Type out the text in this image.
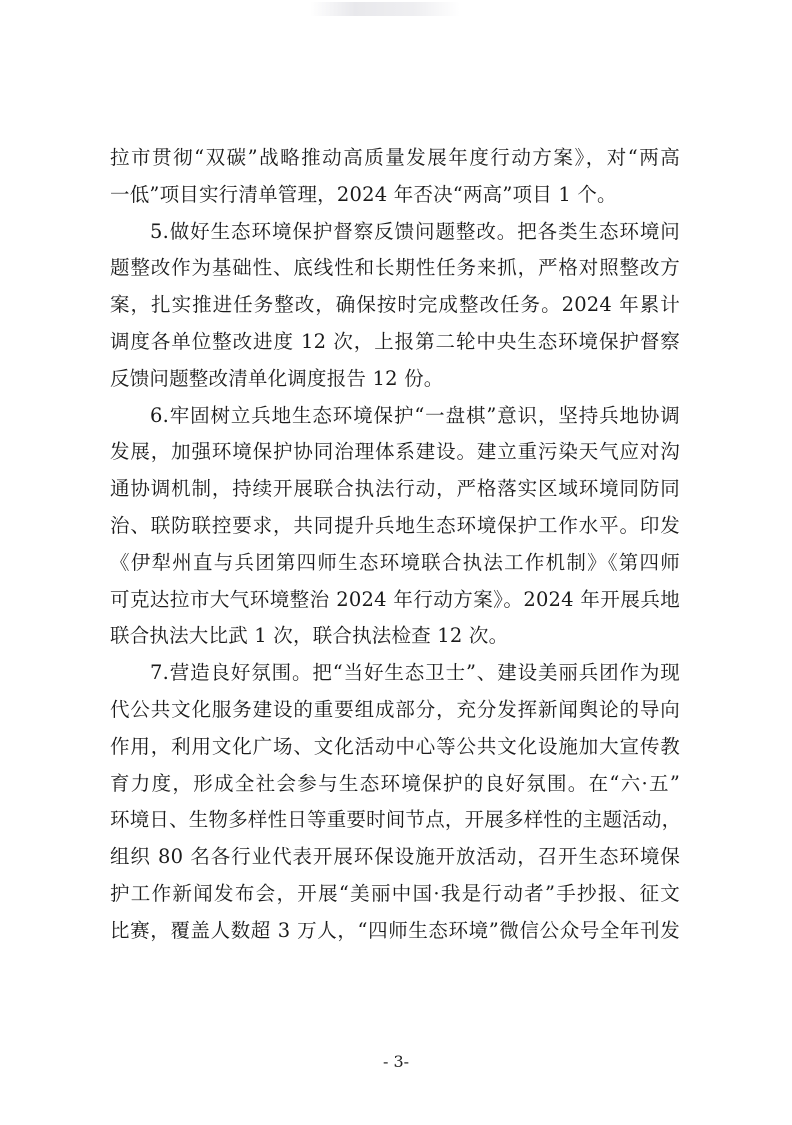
拉市贯彻“双碳”战略推动高质量发展年度行动方案》，对“两高
一低”项目实行清单管理，2024 年否决“两高”项目 1 个。
5.做好生态环境保护督察反馈问题整改。把各类生态环境问
题整改作为基础性、底线性和长期性任务来抓，严格对照整改方
案，扎实推进任务整改，确保按时完成整改任务。2024 年累计
调度各单位整改进度 12 次，上报第二轮中央生态环境保护督察
反馈问题整改清单化调度报告 12 份。
6.牢固树立兵地生态环境保护“一盘棋”意识，坚持兵地协调
发展，加强环境保护协同治理体系建设。建立重污染天气应对沟
通协调机制，持续开展联合执法行动，严格落实区域环境同防同
治、联防联控要求，共同提升兵地生态环境保护工作水平。印发
《伊犁州直与兵团第四师生态环境联合执法工作机制》《第四师
可克达拉市大气环境整治 2024 年行动方案》。2024 年开展兵地
联合执法大比武 1 次，联合执法检查 12 次。
7.营造良好氛围。把“当好生态卫士”、建设美丽兵团作为现
代公共文化服务建设的重要组成部分，充分发挥新闻舆论的导向
作用，利用文化广场、文化活动中心等公共文化设施加大宣传教
育力度，形成全社会参与生态环境保护的良好氛围。在“六·五”
环境日、生物多样性日等重要时间节点，开展多样性的主题活动，
组织 80 名各行业代表开展环保设施开放活动，召开生态环境保
护工作新闻发布会，开展“美丽中国·我是行动者”手抄报、征文
比赛，覆盖人数超 3 万人，“四师生态环境”微信公众号全年刊发
- 3-
